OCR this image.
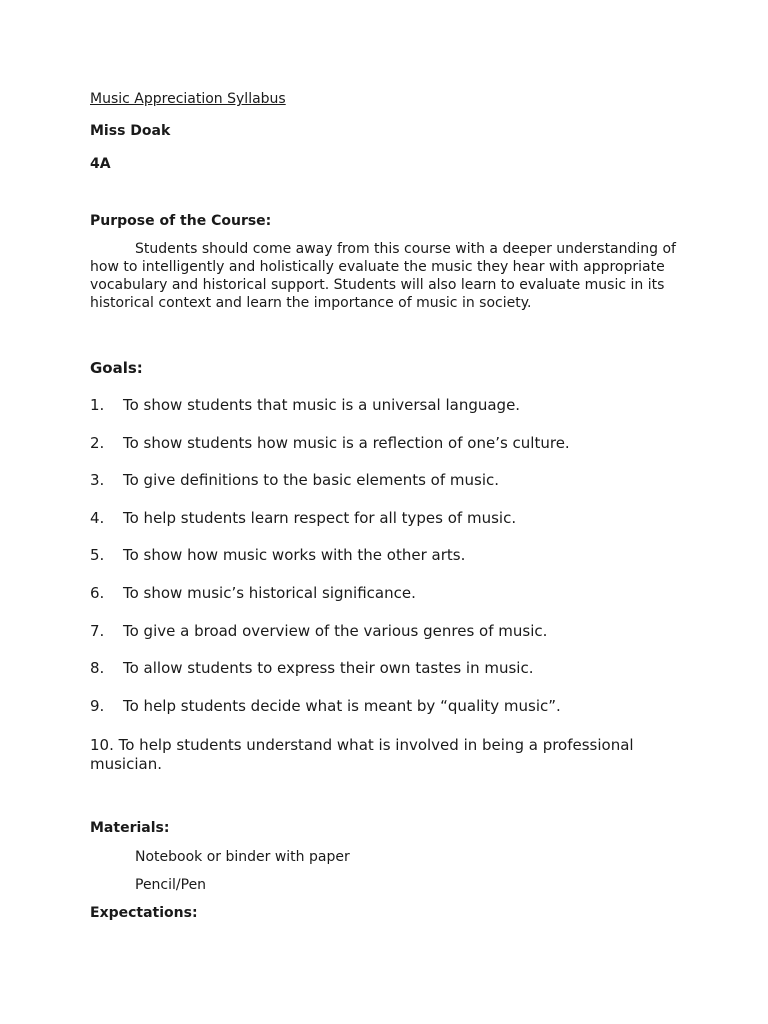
Music Appreciation Syllabus
Miss Doak
4A
Purpose of the Course:
Students should come away from this course with a deeper understanding of how to intelligently and holistically evaluate the music they hear with appropriate vocabulary and historical support. Students will also learn to evaluate music in its historical context and learn the importance of music in society.
Goals:
1.	To show students that music is a universal language.
2.	To show students how music is a reflection of one’s culture.
3.	To give definitions to the basic elements of music.
4.	To help students learn respect for all types of music.
5.	To show how music works with the other arts.
6.	To show music’s historical significance.
7.	To give a broad overview of the various genres of music.
8.	To allow students to express their own tastes in music.
9.	To help students decide what is meant by “quality music”.
10. To help students understand what is involved in being a professional musician.
Materials:
Notebook or binder with paper
Pencil/Pen
Expectations:
